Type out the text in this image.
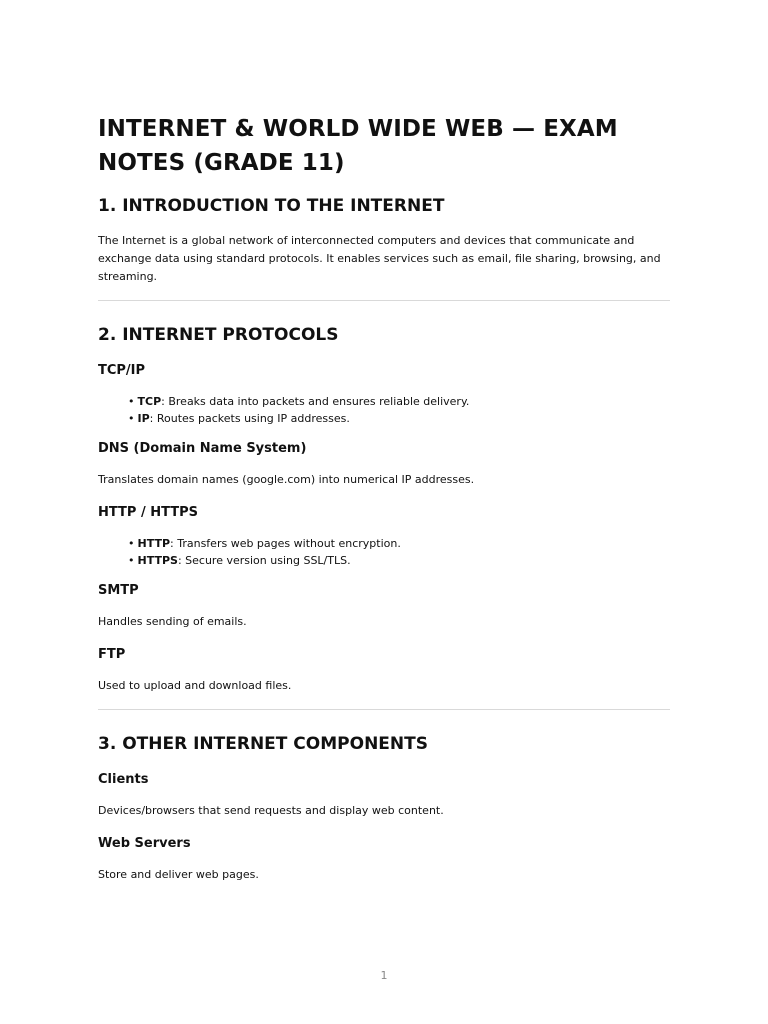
INTERNET & WORLD WIDE WEB — EXAM NOTES (GRADE 11)
1. INTRODUCTION TO THE INTERNET

The Internet is a global network of interconnected computers and devices that communicate and exchange data using standard protocols. It enables services such as email, file sharing, browsing, and streaming.

2. INTERNET PROTOCOLS
TCP/IP
• TCP: Breaks data into packets and ensures reliable delivery.
• IP: Routes packets using IP addresses.
DNS (Domain Name System)

Translates domain names (google.com) into numerical IP addresses.

HTTP / HTTPS
• HTTP: Transfers web pages without encryption.
• HTTPS: Secure version using SSL/TLS.
SMTP

Handles sending of emails.

FTP

Used to upload and download files.

3. OTHER INTERNET COMPONENTS
Clients

Devices/browsers that send requests and display web content.

Web Servers

Store and deliver web pages.

1
